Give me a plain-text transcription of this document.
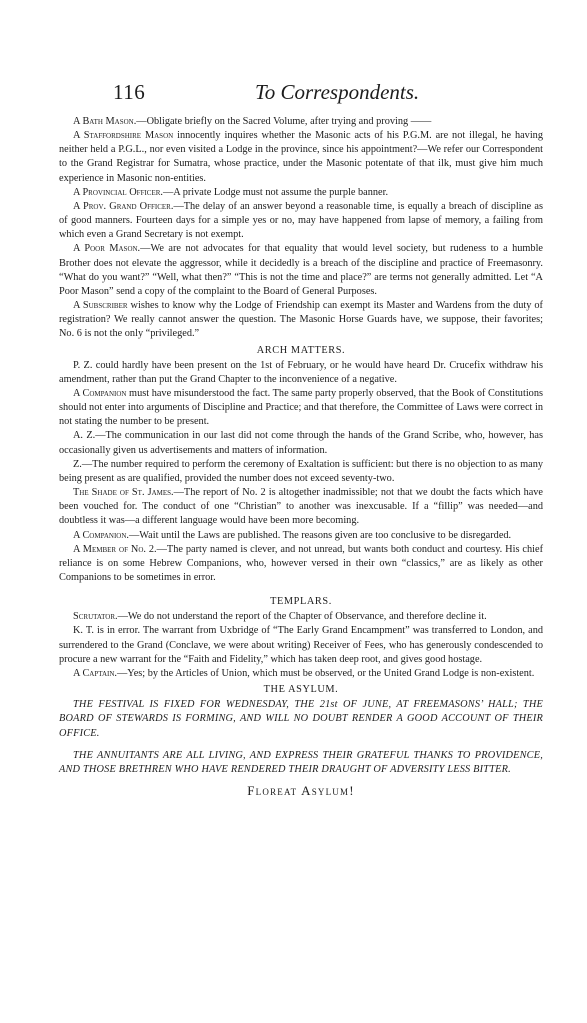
116	To Correspondents.

A Bath Mason.—Obligate briefly on the Sacred Volume, after trying and proving ——

A Staffordshire Mason innocently inquires whether the Masonic acts of his P.G.M. are not illegal, he having neither held a P.G.L., nor even visited a Lodge in the province, since his appointment?—We refer our Correspondent to the Grand Registrar for Sumatra, whose practice, under the Masonic potentate of that ilk, must give him much experience in Masonic non-entities.

A Provincial Officer.—A private Lodge must not assume the purple banner.

A Prov. Grand Officer.—The delay of an answer beyond a reasonable time, is equally a breach of discipline as of good manners. Fourteen days for a simple yes or no, may have happened from lapse of memory, a failing from which even a Grand Secretary is not exempt.

A Poor Mason.—We are not advocates for that equality that would level society, but rudeness to a humble Brother does not elevate the aggressor, while it decidedly is a breach of the discipline and practice of Freemasonry. “What do you want?” “Well, what then?” “This is not the time and place?” are terms not generally admitted. Let “A Poor Mason” send a copy of the complaint to the Board of General Purposes.

A Subscriber wishes to know why the Lodge of Friendship can exempt its Master and Wardens from the duty of registration? We really cannot answer the question. The Masonic Horse Guards have, we suppose, their favorites; No. 6 is not the only “privileged.”

ARCH MATTERS.

P. Z. could hardly have been present on the 1st of February, or he would have heard Dr. Crucefix withdraw his amendment, rather than put the Grand Chapter to the inconvenience of a negative.

A Companion must have misunderstood the fact. The same party properly observed, that the Book of Constitutions should not enter into arguments of Discipline and Practice; and that therefore, the Committee of Laws were correct in not stating the number to be present.

A. Z.—The communication in our last did not come through the hands of the Grand Scribe, who, however, has occasionally given us advertisements and matters of information.

Z.—The number required to perform the ceremony of Exaltation is sufficient: but there is no objection to as many being present as are qualified, provided the number does not exceed seventy-two.

The Shade of St. James.—The report of No. 2 is altogether inadmissible; not that we doubt the facts which have been vouched for. The conduct of one “Christian” to another was inexcusable. If a “fillip” was needed—and doubtless it was—a different language would have been more becoming.

A Companion.—Wait until the Laws are published. The reasons given are too conclusive to be disregarded.

A Member of No. 2.—The party named is clever, and not unread, but wants both conduct and courtesy. His chief reliance is on some Hebrew Companions, who, however versed in their own “classics,” are as likely as other Companions to be sometimes in error.

TEMPLARS.

Scrutator.—We do not understand the report of the Chapter of Observance, and therefore decline it.

K. T. is in error. The warrant from Uxbridge of “The Early Grand Encampment” was transferred to London, and surrendered to the Grand (Conclave, we were about writing) Receiver of Fees, who has generously condescended to procure a new warrant for the “Faith and Fidelity,” which has taken deep root, and gives good hostage.

A Captain.—Yes; by the Articles of Union, which must be observed, or the United Grand Lodge is non-existent.

THE ASYLUM.

THE FESTIVAL IS FIXED FOR WEDNESDAY, THE 21st OF JUNE, AT FREEMASONS’ HALL; THE BOARD OF STEWARDS IS FORMING, AND WILL NO DOUBT RENDER A GOOD ACCOUNT OF THEIR OFFICE.

THE ANNUITANTS ARE ALL LIVING, AND EXPRESS THEIR GRATEFUL THANKS TO PROVIDENCE, AND THOSE BRETHREN WHO HAVE RENDERED THEIR DRAUGHT OF ADVERSITY LESS BITTER.

Floreat Asylum!
